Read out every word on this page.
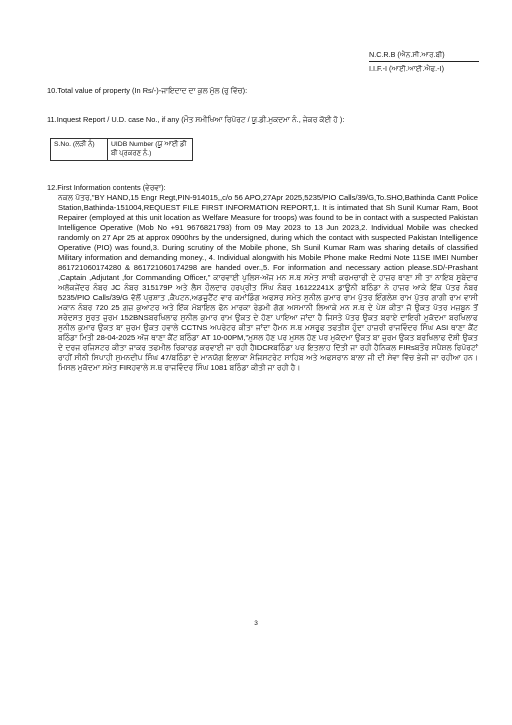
N.C.R.B (ਐਨ.ਸੀ.ਆਰ.ਬੀ)
I.I.F.-I (ਆਈ.ਆਈ.ਐਫ.-I)
10.Total value of property (In Rs/-)-ਜਾਇਦਾਦ ਦਾ ਕੁਲ ਮੁੱਲ (ਰੁ ਵਿੱਚ):
11.Inquest Report / U.D. case No., if any (ਮੌਤ ਸਮੀਖਿਆ ਰਿਪੋਰਟ / ਯੂ.ਡੀ.ਮੁਕਦਮਾ ਨੰ., ਜੇਕਰ ਕੋਈ ਹੋ ):
S.No. (ਲੜੀ ਨੰ)	UIDB Number (ਯੂ ਆਈ ਡੀ ਬੀ ਪ੍ਰਕਰਣ ਨੰ.)
12.First Information contents (ਵੇਰਵਾ):

ਨਕਲ ਪੱਤਰ,"BY HAND,15 Engr Regt,PIN-914015,,c/o 56 APO,27Apr 2025,5235/PIO Calls/39/G,To.SHO,Bathinda Cantt Police Station,Bathinda-151004,REQUEST FILE FIRST INFORMATION REPORT,1. It is intimated that Sh Sunil Kumar Ram, Boot Repairer (employed at this unit location as Welfare Measure for troops) was found to be in contact with a suspected Pakistan Intelligence Operative (Mob No +91 9676821793) from 09 May 2023 to 13 Jun 2023,2. Individual Mobile was checked randomly on 27 Apr 25 at approx 0900hrs by the undersigned, during which the contact with suspected Pakistan Intelligence Operative (PIO) was found,3. During scrutiny of the Mobile phone, Sh Sunil Kumar Ram was sharing details of classified Military information and demanding money., 4. Individual alongwith his Mobile Phone make Redmi Note 11SE IMEI Number 861721060174280 & 861721060174298 are handed over.,5. For information and necessary action please.SD/-Prashant ,Captain ,Adjutant ,for Commanding Officer," ਕਾਰਵਾਈ ਪੁਲਿਸ-ਅੱਜ ਮਨ ਸ.ਥ ਸਮੇਤ ਸਾਥੀ ਕਰਮਚਾਰੀ ਦੇ ਹਾਜ਼ਰ ਥਾਣਾ ਸੀ ਤਾ ਨਾਇਬ ਸੂਬੇਦਾਰ ਅਲੋਕਜੇਂਦਰ ਨੰਬਰ JC ਨੰਬਰ 315179P ਅਤੇ ਲੈਸ ਹੌਲਦਾਰ ਹਰਪ੍ਰੀਤ ਸਿੰਘ ਨੰਬਰ 16122241X ਡਾਊਨੀ ਬਠਿੰਡਾ ਨੇ ਹਾਜ਼ਰ ਆਕੇ ਇੱਕ ਪੱਤਰ ਨੰਬਰ 5235/PIO Calls/39/G ਵੱਲੋਂ ਪ੍ਰਸ਼ਾਤ ,ਕੈਪਟਨ,ਅਡਜੂਟੈਂਟ ਵਾਰ ਕਮਾਂਡਿੰਗ ਅਫਸਰ ਸਮੇਤ ਸੁਨੀਲ ਕੁਮਾਰ ਰਾਮ ਪੁੱਤਰ ਇੰਗਲੇਸ਼ ਰਾਮ ਪੁੱਤਰ ਗਾਗੀ ਰਾਮ ਵਾਸੀ ਮਕਾਨ ਨੰਬਰ 720 25 ਗ਼ਜ਼ ਕੁਆਟਰ ਅਤੇ ਇੱਕ ਮੋਬਾਇਲ ਫੋਨ ਮਾਰਕਾ ਰੇਡਮੀ ਗੱਗ ਅਸਮਾਨੀ ਲਿਆਕੇ ਮਨ ਸ.ਥ ਦੇ ਪੇਸ਼ ਕੀਤਾ ਜੋ ਉਕਤ ਪੱਤਰ ਮਜ਼ਬੂਨ ਤੋਂ ਸਰੇਦਸਤ ਸੂਰਤ ਜੁਰਮ 152BNSਬਰਖਿਲਾਫ ਸੁਨੀਲ ਕੁਮਾਰ ਰਾਮ ਉਕਤ ਦੇ ਹੋਣਾ ਪਾਇਆ ਜਾਂਦਾ ਹੈ ਜਿਸਤੇ ਪੱਤਰ ਉਕਤ ਬਰਾਏ ਦਾਇਰੀ ਮੁਕੱਦਮਾ ਬਰਖਿਲਾਫ ਸੁਨੀਲ ਕੁਮਾਰ ਉਕਤ ਬਾ ਜੁਰਮ ਉਕਤ ਹਵਾਲੇ CCTNS ਅਪਰੇਟਰ ਕੀਤਾ ਜਾਂਦਾ ਹੈਮਨ ਸ.ਥ ਮਸਰੂਫ ਤਫਤੀਸ਼ ਹੁੰਦਾ ਹਾਜ਼ਰੀ ਰਾਜਵਿੰਦਰ ਸਿੰਘ ASI ਥਾਣਾ ਕੈਂਟ ਬਠਿੰਡਾ ਮਿਤੀ 28-04-2025 ਅੱਜ ਥਾਣਾ ਕੈਂਟ ਬਠਿੰਡਾ AT 10-00PM,"ਮੁਸਲ ਹੋਣ ਪਰ ਮੁਸਲ ਹੋਣ ਪਰ ਮੁਕੱਦਮਾ ਉਕਤ ਬਾ ਜੁਰਮ ਉਕਤ ਬਰਖਿਲਾਫ ਦੋਸ਼ੀ ਉਕਤ ਦੇ ਦਰਜ ਰਜਿਸਟਰ ਕੀਤਾ ਜਾਕਰ ਤਫਮੀਲ ਰਿਕਾਰਡ ਕਰਵਾਈ ਜਾ ਰਹੀ ਹੈIDCRਬਠਿੰਡਾ ਪਰ ਇਤਲਾਹ ਦਿੱਤੀ ਜਾ ਰਹੀ ਹੈਨਿਕਲ FIRsਬਤੌਰ ਸਪੈਸ਼ਲ ਰਿਪੋਰਟਾਂ ਰਾਹੀਂ ਸੀਨੀ ਸਿਪਾਹੀ ਸੁਮਨਦੀਪ ਸਿੰਘ 47/ਬਠਿੰਡਾ ਦੇ ਮਾਨਯੋਗ ਇਲਾਕਾ ਮੈਜਿਸਟਰੇਟ ਸਾਹਿਬ ਅਤੇ ਅਫਸਰਾਨ ਬਾਲਾ ਜੀ ਦੀ ਸੇਵਾ ਵਿੱਚ ਭੇਜੀ ਜਾ ਰਹੀਆ ਹਨ।ਮਿਸਲ ਮੁਕੱਦਮਾ ਸਮੇਤ FIRਹਵਾਲੇ ਸ.ਥ ਰਾਜਵਿੰਦਰ ਸਿੰਘ 1081 ਬਠਿੰਡਾ ਕੀਤੀ ਜਾ ਰਹੀ ਹੈ।

3
